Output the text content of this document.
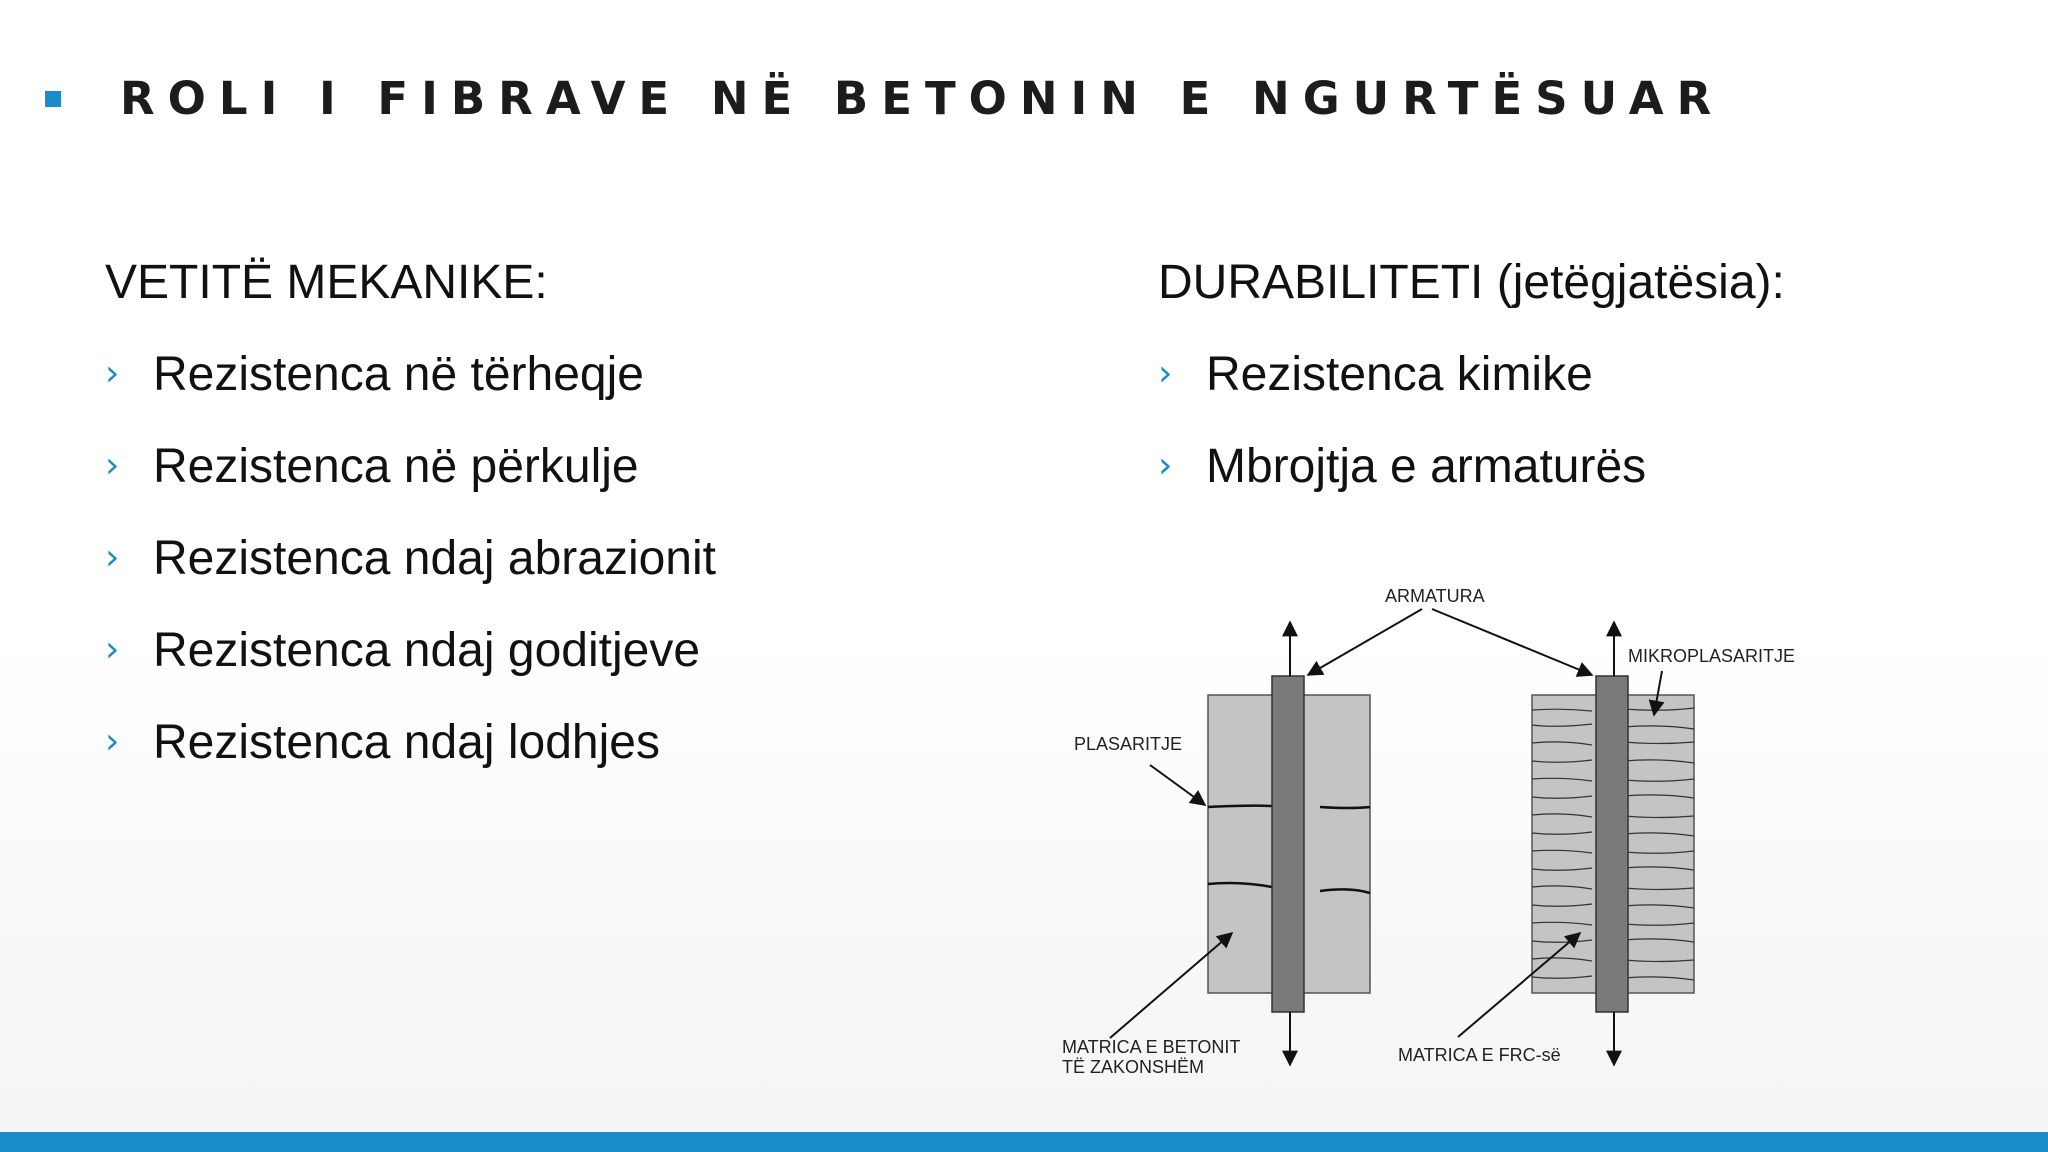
ROLI I FIBRAVE NË BETONIN E NGURTËSUAR
VETITË MEKANIKE:
› Rezistenca në tërheqje
› Rezistenca në përkulje
› Rezistenca ndaj abrazionit
› Rezistenca ndaj goditjeve
› Rezistenca ndaj lodhjes
DURABILITETI (jetëgjatësia):
› Rezistenca kimike
› Mbrojtja e armaturës
ARMATURA
MIKROPLASARITJE
PLASARITJE
MATRICA E BETONIT
TË ZAKONSHËM
MATRICA E FRC-së
